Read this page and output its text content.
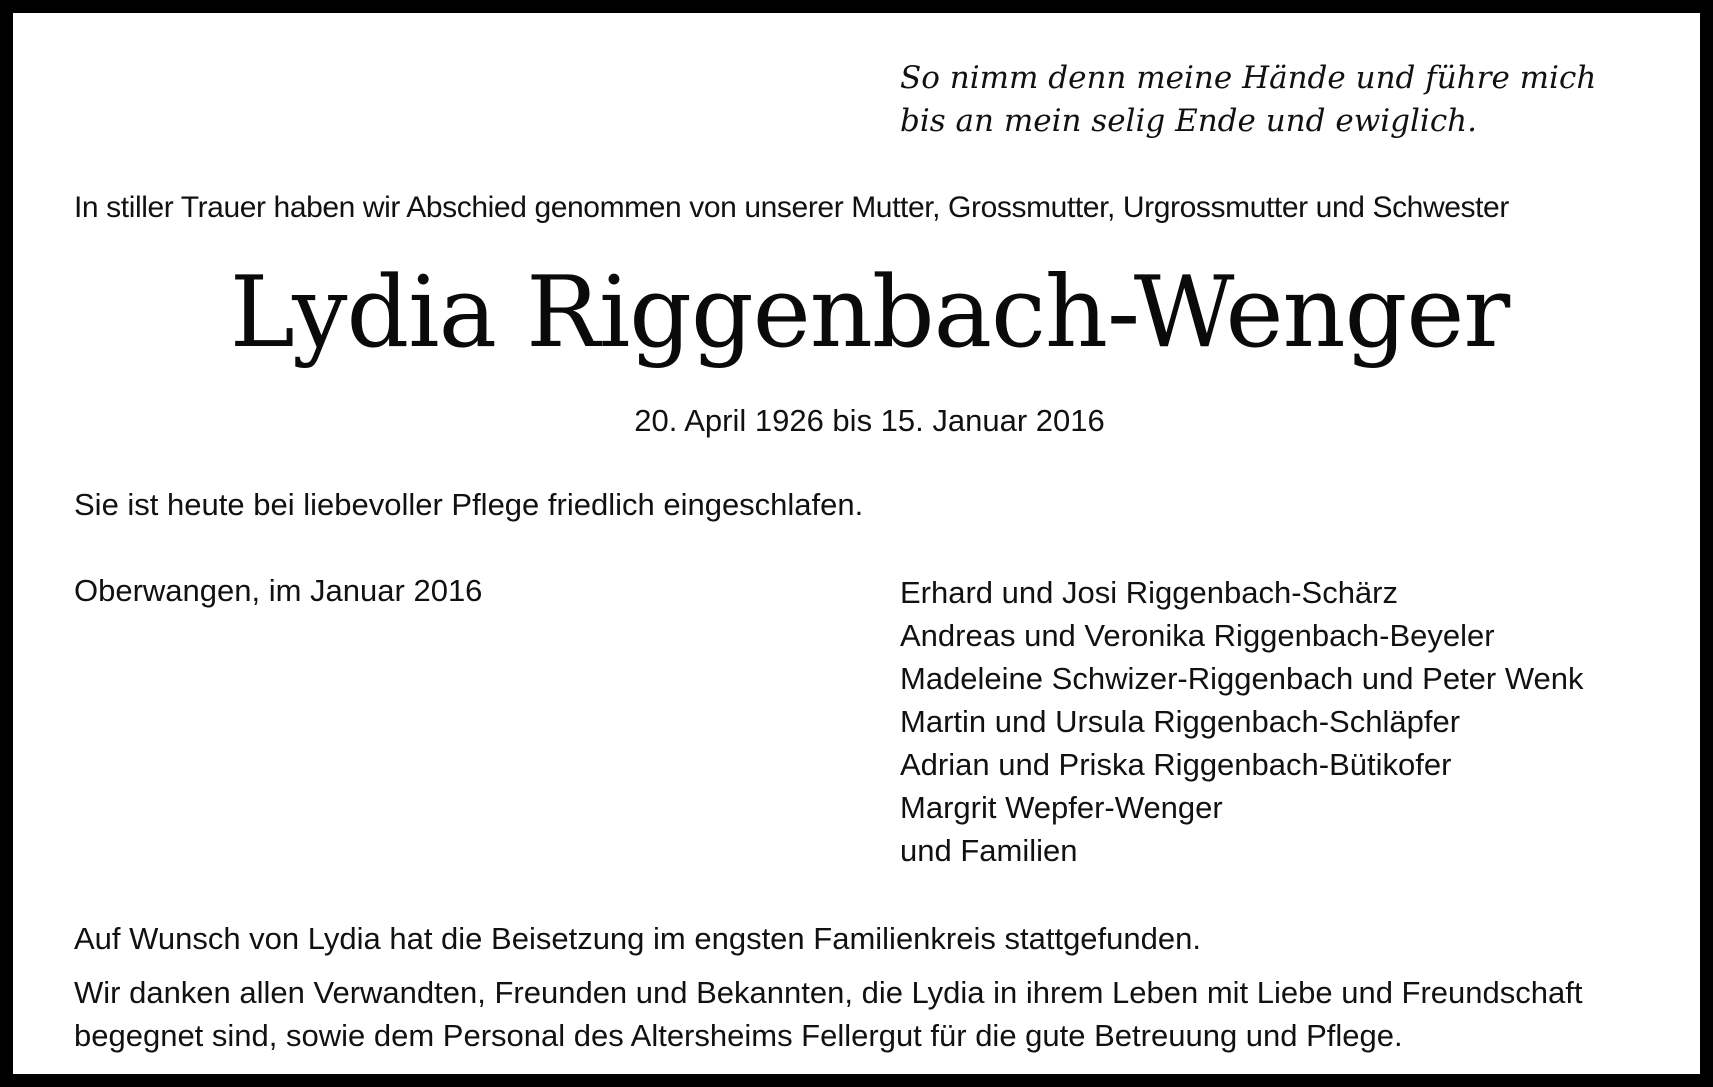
So nimm denn meine Hände und führe mich
bis an mein selig Ende und ewiglich.

In stiller Trauer haben wir Abschied genommen von unserer Mutter, Grossmutter, Urgrossmutter und Schwester

Lydia Riggenbach-Wenger

20. April 1926 bis 15. Januar 2016

Sie ist heute bei liebevoller Pflege friedlich eingeschlafen.

Oberwangen, im Januar 2016	Erhard und Josi Riggenbach-Schärz
Andreas und Veronika Riggenbach-Beyeler
Madeleine Schwizer-Riggenbach und Peter Wenk
Martin und Ursula Riggenbach-Schläpfer
Adrian und Priska Riggenbach-Bütikofer
Margrit Wepfer-Wenger
und Familien

Auf Wunsch von Lydia hat die Beisetzung im engsten Familienkreis stattgefunden.

Wir danken allen Verwandten, Freunden und Bekannten, die Lydia in ihrem Leben mit Liebe und Freundschaft
begegnet sind, sowie dem Personal des Altersheims Fellergut für die gute Betreuung und Pflege.
